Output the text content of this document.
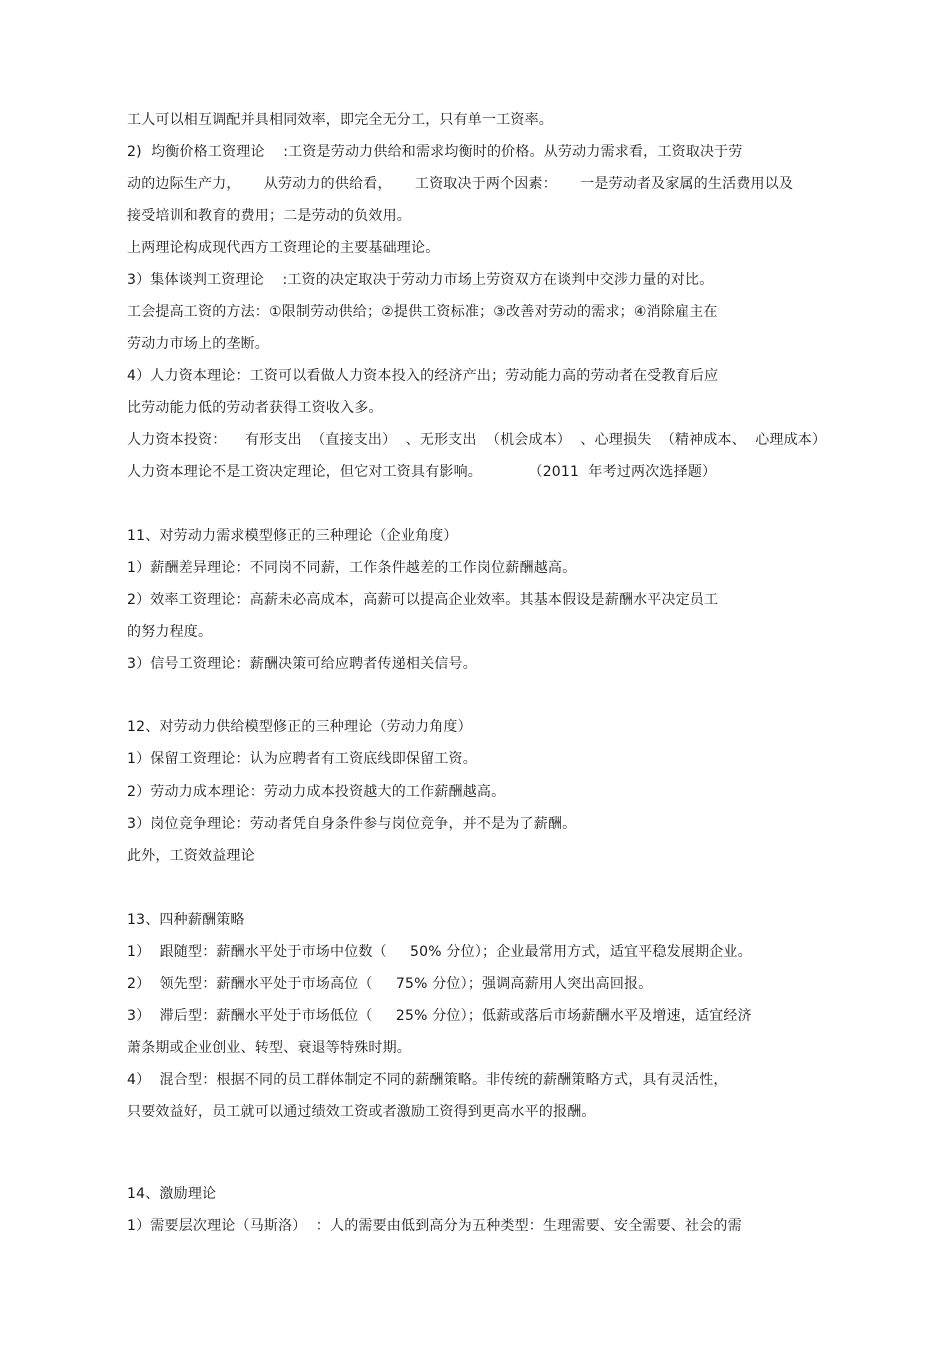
工人可以相互调配并具相同效率，即完全无分工，只有单一工资率。
2)  均衡价格工资理论    :工资是劳动力供给和需求均衡时的价格。从劳动力需求看，工资取决于劳
动的边际生产力，     从劳动力的供给看，     工资取决于两个因素：     一是劳动者及家属的生活费用以及
接受培训和教育的费用；二是劳动的负效用。
上两理论构成现代西方工资理论的主要基础理论。
3）集体谈判工资理论    :工资的决定取决于劳动力市场上劳资双方在谈判中交涉力量的对比。
工会提高工资的方法：①限制劳动供给；②提供工资标准；③改善对劳动的需求；④消除雇主在
劳动力市场上的垄断。
4）人力资本理论：工资可以看做人力资本投入的经济产出；劳动能力高的劳动者在受教育后应
比劳动能力低的劳动者获得工资收入多。
人力资本投资：    有形支出  （直接支出）  、无形支出  （机会成本）  、心理损失  （精神成本、  心理成本）
人力资本理论不是工资决定理论，但它对工资具有影响。          （2011  年考过两次选择题）
11、对劳动力需求模型修正的三种理论（企业角度）
1）薪酬差异理论：不同岗不同薪，工作条件越差的工作岗位薪酬越高。
2）效率工资理论：高薪未必高成本，高薪可以提高企业效率。其基本假设是薪酬水平决定员工
的努力程度。
3）信号工资理论：薪酬决策可给应聘者传递相关信号。
12、对劳动力供给模型修正的三种理论（劳动力角度）
1）保留工资理论：认为应聘者有工资底线即保留工资。
2）劳动力成本理论：劳动力成本投资越大的工作薪酬越高。
3）岗位竞争理论：劳动者凭自身条件参与岗位竞争，并不是为了薪酬。
此外，工资效益理论
13、四种薪酬策略
1）  跟随型：薪酬水平处于市场中位数（     50% 分位）；企业最常用方式，适宜平稳发展期企业。
2）  领先型：薪酬水平处于市场高位（     75% 分位）；强调高薪用人突出高回报。
3）  滞后型：薪酬水平处于市场低位（     25% 分位）；低薪或落后市场薪酬水平及增速，适宜经济
萧条期或企业创业、转型、衰退等特殊时期。
4）  混合型：根据不同的员工群体制定不同的薪酬策略。非传统的薪酬策略方式，具有灵活性，
只要效益好，员工就可以通过绩效工资或者激励工资得到更高水平的报酬。
14、激励理论
1）需要层次理论（马斯洛）  ：人的需要由低到高分为五种类型：生理需要、安全需要、社会的需
